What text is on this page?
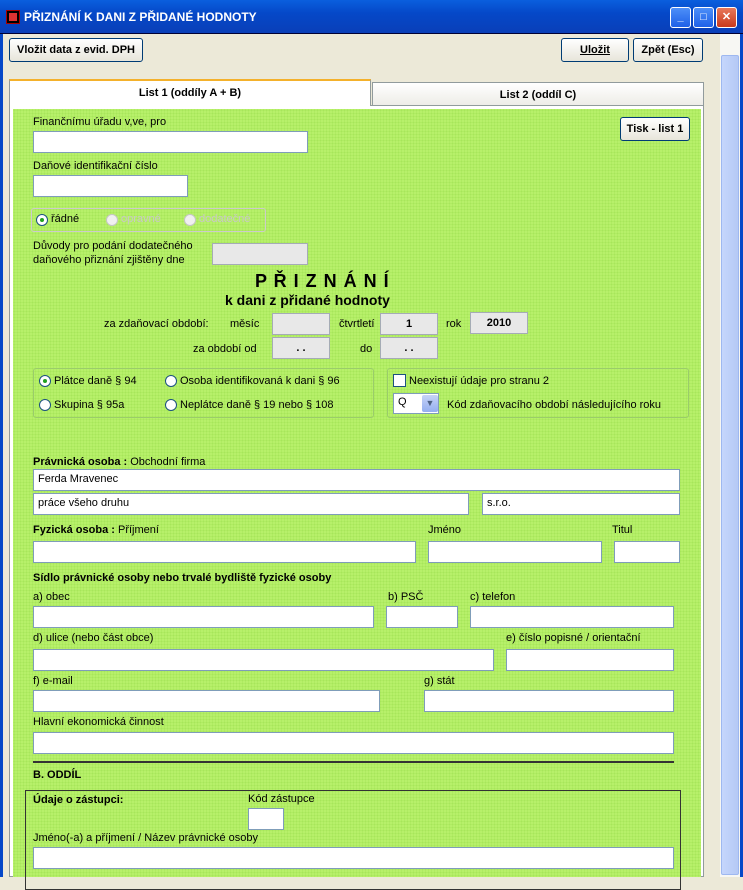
PŘIZNÁNÍ K DANI Z PŘIDANÉ HODNOTY	_	□	✕
Vložit data z evid. DPH	Uložit	Zpět (Esc)
List 2 (oddíl C)
List 1 (oddíly A + B)
Tisk - list 1
Finančnímu úřadu v,ve, pro
Daňové identifikační číslo
řádné	opravné	dodatečné
Důvody pro podání dodatečného
daňového přiznání zjištěny dne
P Ř I Z N Á N Í
k dani z přidané hodnoty
za zdaňovací období: měsíc	čtvrtletí	1	rok	2010
za období od	. .	do	. .
Plátce daně § 94	Osoba identifikovaná k dani § 96
Skupina § 95a	Neplátce daně § 19 nebo § 108
Neexistují údaje pro stranu 2
Q	▼	Kód zdaňovacího období následujícího roku
Právnická osoba : Obchodní firma
Ferda Mravenec
práce všeho druhu	s.r.o.
Fyzická osoba : Příjmení	Jméno	Titul
Sídlo právnické osoby nebo trvalé bydliště fyzické osoby
a) obec	b) PSČ	c) telefon
d) ulice (nebo část obce)	e) číslo popisné / orientační
f) e-mail	g) stát
Hlavní ekonomická činnost
B. ODDÍL
Údaje o zástupci:	Kód zástupce
Jméno(-a) a příjmení / Název právnické osoby
